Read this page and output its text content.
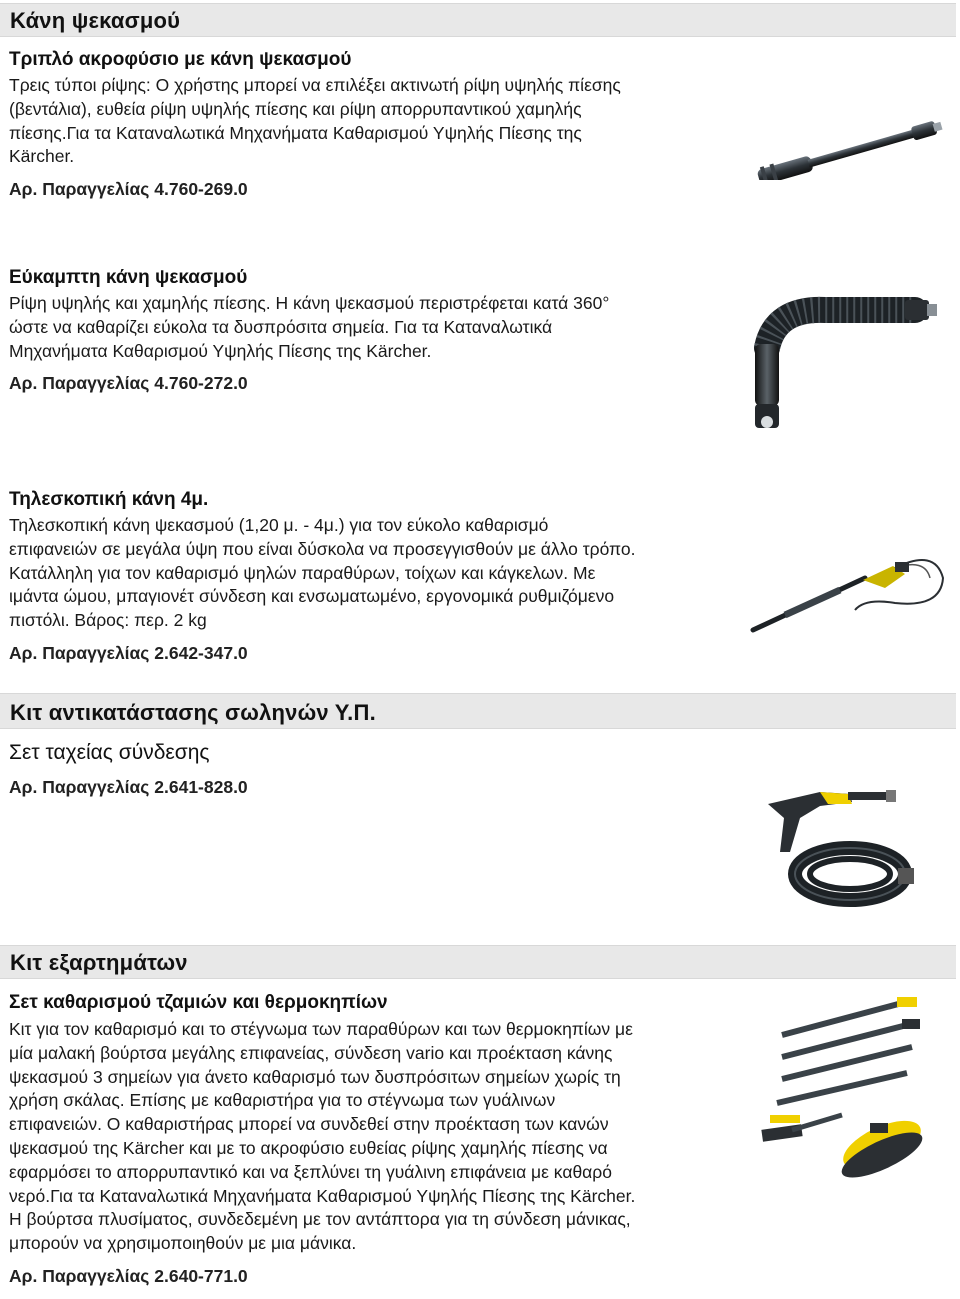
Κάνη ψεκασμού
Τριπλό ακροφύσιο με κάνη ψεκασμού

Τρεις τύποι ρίψης: Ο χρήστης μπορεί να επιλέξει ακτινωτή ρίψη υψηλής πίεσης

(βεντάλια), ευθεία ρίψη υψηλής πίεσης και ρίψη απορρυπαντικού χαμηλής

πίεσης.Για τα Καταναλωτικά Μηχανήματα Καθαρισμού Υψηλής Πίεσης της

Kärcher.

Αρ. Παραγγελίας 4.760-269.0

Εύκαμπτη κάνη ψεκασμού

Ρίψη υψηλής και χαμηλής πίεσης. Η κάνη ψεκασμού περιστρέφεται κατά 360°

ώστε να καθαρίζει εύκολα τα δυσπρόσιτα σημεία. Για τα Καταναλωτικά

Μηχανήματα Καθαρισμού Υψηλής Πίεσης της Kärcher.

Αρ. Παραγγελίας 4.760-272.0

Τηλεσκοπική κάνη 4μ.

Τηλεσκοπική κάνη ψεκασμού (1,20 μ. - 4μ.) για τον εύκολο καθαρισμό

επιφανειών σε μεγάλα ύψη που είναι δύσκολα να προσεγγισθούν με άλλο τρόπο.

Κατάλληλη για τον καθαρισμό ψηλών παραθύρων, τοίχων και κάγκελων. Με

ιμάντα ώμου, μπαγιονέτ σύνδεση και ενσωματωμένο, εργονομικά ρυθμιζόμενο

πιστόλι. Βάρος: περ. 2 kg

Αρ. Παραγγελίας 2.642-347.0

Κιτ αντικατάστασης σωληνών Υ.Π.
Σετ ταχείας σύνδεσης

Αρ. Παραγγελίας 2.641-828.0

Κιτ εξαρτημάτων
Σετ καθαρισμού τζαμιών και θερμοκηπίων

Κιτ για τον καθαρισμό και το στέγνωμα των παραθύρων και των θερμοκηπίων με

μία μαλακή βούρτσα μεγάλης επιφανείας, σύνδεση vario και προέκταση κάνης

ψεκασμού 3 σημείων για άνετο καθαρισμό των δυσπρόσιτων σημείων χωρίς τη

χρήση σκάλας. Επίσης με καθαριστήρα για το στέγνωμα των γυάλινων

επιφανειών. Ο καθαριστήρας μπορεί να συνδεθεί στην προέκταση των κανών

ψεκασμού της Kärcher και με το ακροφύσιο ευθείας ρίψης χαμηλής πίεσης να

εφαρμόσει το απορρυπαντικό και να ξεπλύνει τη γυάλινη επιφάνεια με καθαρό

νερό.Για τα Καταναλωτικά Μηχανήματα Καθαρισμού Υψηλής Πίεσης της Kärcher.

Η βούρτσα πλυσίματος, συνδεδεμένη με τον αντάπτορα για τη σύνδεση μάνικας,

μπορούν να χρησιμοποιηθούν με μια μάνικα.

Αρ. Παραγγελίας 2.640-771.0
